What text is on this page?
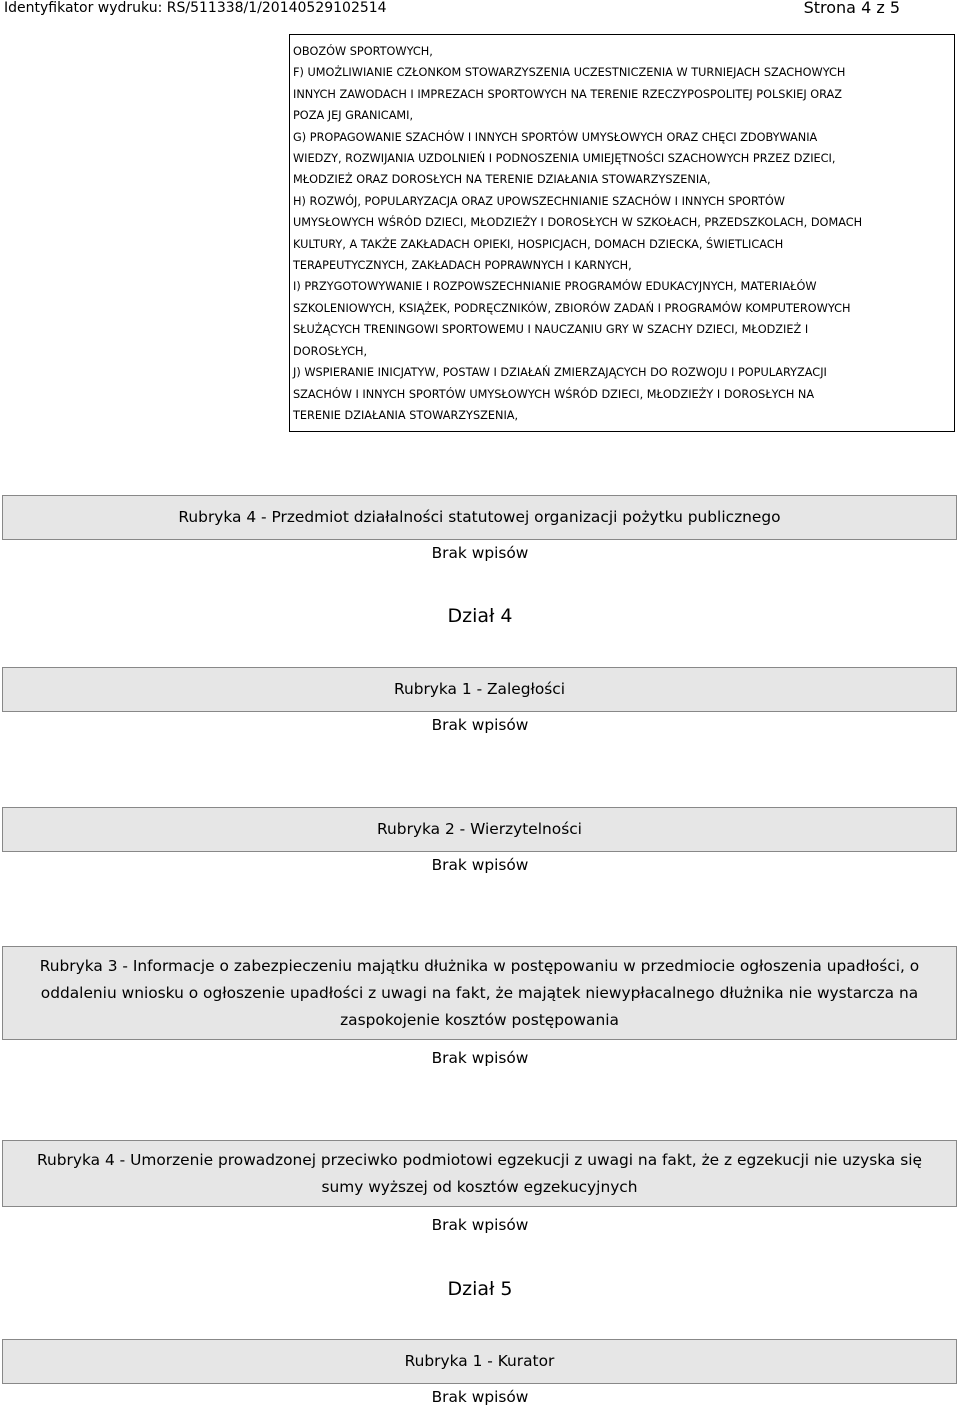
Identyfikator wydruku: RS/511338/1/20140529102514	Strona 4 z 5
OBOZÓW SPORTOWYCH,
F) UMOŻLIWIANIE CZŁONKOM STOWARZYSZENIA UCZESTNICZENIA W TURNIEJACH SZACHOWYCH
INNYCH ZAWODACH I IMPREZACH SPORTOWYCH NA TERENIE RZECZYPOSPOLITEJ POLSKIEJ ORAZ
POZA JEJ GRANICAMI,
G) PROPAGOWANIE SZACHÓW I INNYCH SPORTÓW UMYSŁOWYCH ORAZ CHĘCI ZDOBYWANIA
WIEDZY, ROZWIJANIA UZDOLNIEŃ I PODNOSZENIA UMIEJĘTNOŚCI SZACHOWYCH PRZEZ DZIECI,
MŁODZIEŻ ORAZ DOROSŁYCH NA TERENIE DZIAŁANIA STOWARZYSZENIA,
H) ROZWÓJ, POPULARYZACJA ORAZ UPOWSZECHNIANIE SZACHÓW I INNYCH SPORTÓW
UMYSŁOWYCH WŚRÓD DZIECI, MŁODZIEŻY I DOROSŁYCH W SZKOŁACH, PRZEDSZKOLACH, DOMACH
KULTURY, A TAKŻE ZAKŁADACH OPIEKI, HOSPICJACH, DOMACH DZIECKA, ŚWIETLICACH
TERAPEUTYCZNYCH, ZAKŁADACH POPRAWNYCH I KARNYCH,
I) PRZYGOTOWYWANIE I ROZPOWSZECHNIANIE PROGRAMÓW EDUKACYJNYCH, MATERIAŁÓW
SZKOLENIOWYCH, KSIĄŻEK, PODRĘCZNIKÓW, ZBIORÓW ZADAŃ I PROGRAMÓW KOMPUTEROWYCH
SŁUŻĄCYCH TRENINGOWI SPORTOWEMU I NAUCZANIU GRY W SZACHY DZIECI, MŁODZIEŻ I
DOROSŁYCH,
J) WSPIERANIE INICJATYW, POSTAW I DZIAŁAŃ ZMIERZAJĄCYCH DO ROZWOJU I POPULARYZACJI
SZACHÓW I INNYCH SPORTÓW UMYSŁOWYCH WŚRÓD DZIECI, MŁODZIEŻY I DOROSŁYCH NA
TERENIE DZIAŁANIA STOWARZYSZENIA,
Rubryka 4 - Przedmiot działalności statutowej organizacji pożytku publicznego
Brak wpisów
Dział 4
Rubryka 1 - Zaległości
Brak wpisów
Rubryka 2 - Wierzytelności
Brak wpisów
Rubryka 3 - Informacje o zabezpieczeniu majątku dłużnika w postępowaniu w przedmiocie ogłoszenia upadłości, o
oddaleniu wniosku o ogłoszenie upadłości z uwagi na fakt, że majątek niewypłacalnego dłużnika nie wystarcza na
zaspokojenie kosztów postępowania
Brak wpisów
Rubryka 4 - Umorzenie prowadzonej przeciwko podmiotowi egzekucji z uwagi na fakt, że z egzekucji nie uzyska się
sumy wyższej od kosztów egzekucyjnych
Brak wpisów
Dział 5
Rubryka 1 - Kurator
Brak wpisów
